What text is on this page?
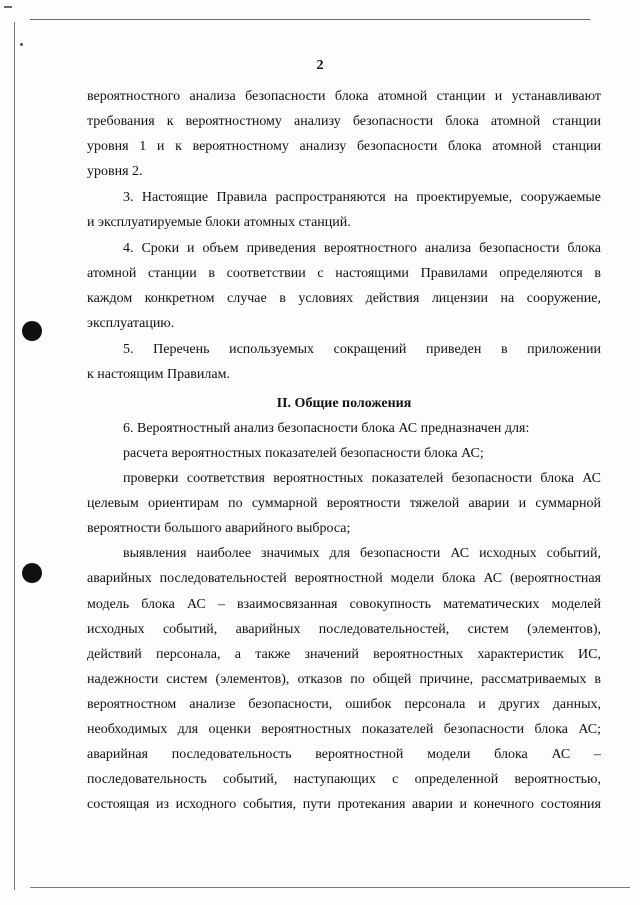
2
вероятностного анализа безопасности блока атомной станции и устанавливают
требования к вероятностному анализу безопасности блока атомной станции
уровня 1 и к вероятностному анализу безопасности блока атомной станции
уровня 2.
3. Настоящие Правила распространяются на проектируемые, сооружаемые
и эксплуатируемые блоки атомных станций.
4. Сроки и объем приведения вероятностного анализа безопасности блока
атомной станции в соответствии с настоящими Правилами определяются в
каждом конкретном случае в условиях действия лицензии на сооружение,
эксплуатацию.
5. Перечень используемых сокращений приведен в приложении
к настоящим Правилам.
II. Общие положения
6. Вероятностный анализ безопасности блока АС предназначен для:
расчета вероятностных показателей безопасности блока АС;
проверки соответствия вероятностных показателей безопасности блока АС
целевым ориентирам по суммарной вероятности тяжелой аварии и суммарной
вероятности большого аварийного выброса;
выявления наиболее значимых для безопасности АС исходных событий,
аварийных последовательностей вероятностной модели блока АС (вероятностная
модель блока АС – взаимосвязанная совокупность математических моделей
исходных событий, аварийных последовательностей, систем (элементов),
действий персонала, а также значений вероятностных характеристик ИС,
надежности систем (элементов), отказов по общей причине, рассматриваемых в
вероятностном анализе безопасности, ошибок персонала и других данных,
необходимых для оценки вероятностных показателей безопасности блока АС;
аварийная последовательность вероятностной модели блока АС –
последовательность событий, наступающих с определенной вероятностью,
состоящая из исходного события, пути протекания аварии и конечного состояния
